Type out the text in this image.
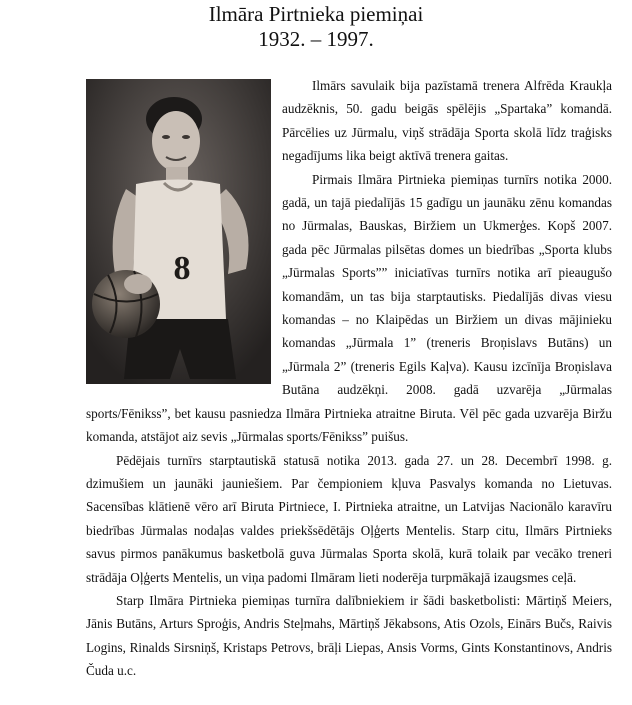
Ilmāra Pirtnieka piemiņai
1932. – 1997.
8

Ilmārs savulaik bija pazīstamā trenera Alfrēda Kraukļa audzēknis, 50. gadu beigās spēlējis „Spartaka” komandā. Pārcēlies uz Jūrmalu, viņš strādāja Sporta skolā līdz traģisks negadījums lika beigt aktīvā trenera gaitas.

Pirmais Ilmāra Pirtnieka piemiņas turnīrs notika 2000. gadā, un tajā piedalījās 15 gadīgu un jaunāku zēnu komandas no Jūrmalas, Bauskas, Biržiem un Ukmerģes. Kopš 2007. gada pēc Jūrmalas pilsētas domes un biedrības „Sporta klubs „Jūrmalas Sports”” iniciatīvas turnīrs notika arī pieaugušo komandām, un tas bija starptautisks. Piedalījās divas viesu komandas – no Klaipēdas un Biržiem un divas mājinieku komandas „Jūrmala 1” (treneris Broņislavs Butāns) un „Jūrmala 2” (treneris Egils Kaļva). Kausu izcīnīja Broņislava Butāna audzēkņi. 2008. gadā uzvarēja „Jūrmalas sports/Fēnikss”, bet kausu pasniedza Ilmāra Pirtnieka atraitne Biruta. Vēl pēc gada uzvarēja Biržu komanda, atstājot aiz sevis „Jūrmalas sports/Fēnikss” puišus.

Pēdējais turnīrs starptautiskā statusā notika 2013. gada 27. un 28. Decembrī 1998. g. dzimušiem un jaunāki jauniešiem. Par čempioniem kļuva Pasvalys komanda no Lietuvas. Sacensības klātienē vēro arī Biruta Pirtniece, I. Pirtnieka atraitne, un Latvijas Nacionālo karavīru biedrības Jūrmalas nodaļas valdes priekšsēdētājs Oļģerts Mentelis. Starp citu, Ilmārs Pirtnieks savus pirmos panākumus basketbolā guva Jūrmalas Sporta skolā, kurā tolaik par vecāko treneri strādāja Oļģerts Mentelis, un viņa padomi Ilmāram lieti noderēja turpmākajā izaugsmes ceļā.

Starp Ilmāra Pirtnieka piemiņas turnīra dalībniekiem ir šādi basketbolisti: Mārtiņš Meiers, Jānis Butāns, Arturs Sproģis, Andris Steļmahs, Mārtiņš Jēkabsons, Atis Ozols, Einārs Bučs, Raivis Logins, Rinalds Sirsniņš, Kristaps Petrovs, brāļi Liepas, Ansis Vorms, Gints Konstantinovs, Andris Čuda u.c.
